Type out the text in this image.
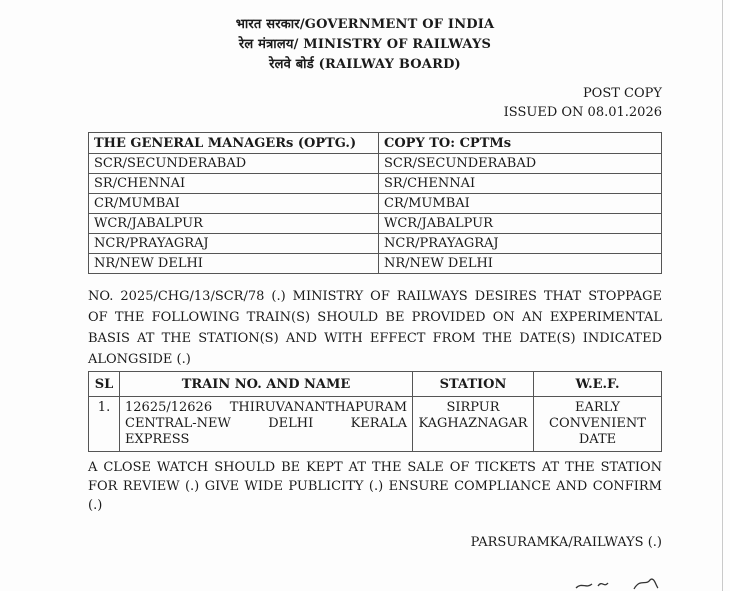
भारत सरकार/GOVERNMENT OF INDIA
रेल मंत्रालय/ MINISTRY OF RAILWAYS
रेलवे बोर्ड (RAILWAY BOARD)
POST COPY
ISSUED ON 08.01.2026
THE GENERAL MANAGERs (OPTG.)	COPY TO: CPTMs
SCR/SECUNDERABAD	SCR/SECUNDERABAD
SR/CHENNAI	SR/CHENNAI
CR/MUMBAI	CR/MUMBAI
WCR/JABALPUR	WCR/JABALPUR
NCR/PRAYAGRAJ	NCR/PRAYAGRAJ
NR/NEW DELHI	NR/NEW DELHI
NO. 2025/CHG/13/SCR/78 (.) MINISTRY OF RAILWAYS DESIRES THAT STOPPAGE OF THE FOLLOWING TRAIN(S) SHOULD BE PROVIDED ON AN EXPERIMENTAL BASIS AT THE STATION(S) AND WITH EFFECT FROM THE DATE(S) INDICATED ALONGSIDE (.)
SL	TRAIN NO. AND NAME	STATION	W.E.F.
1.	12625/12626 THIRUVANANTHAPURAM CENTRAL-NEW DELHI KERALA EXPRESS	SIRPUR KAGHAZNAGAR	EARLY CONVENIENT DATE
A CLOSE WATCH SHOULD BE KEPT AT THE SALE OF TICKETS AT THE STATION FOR REVIEW (.) GIVE WIDE PUBLICITY (.) ENSURE COMPLIANCE AND CONFIRM (.)
PARSURAMKA/RAILWAYS (.)
